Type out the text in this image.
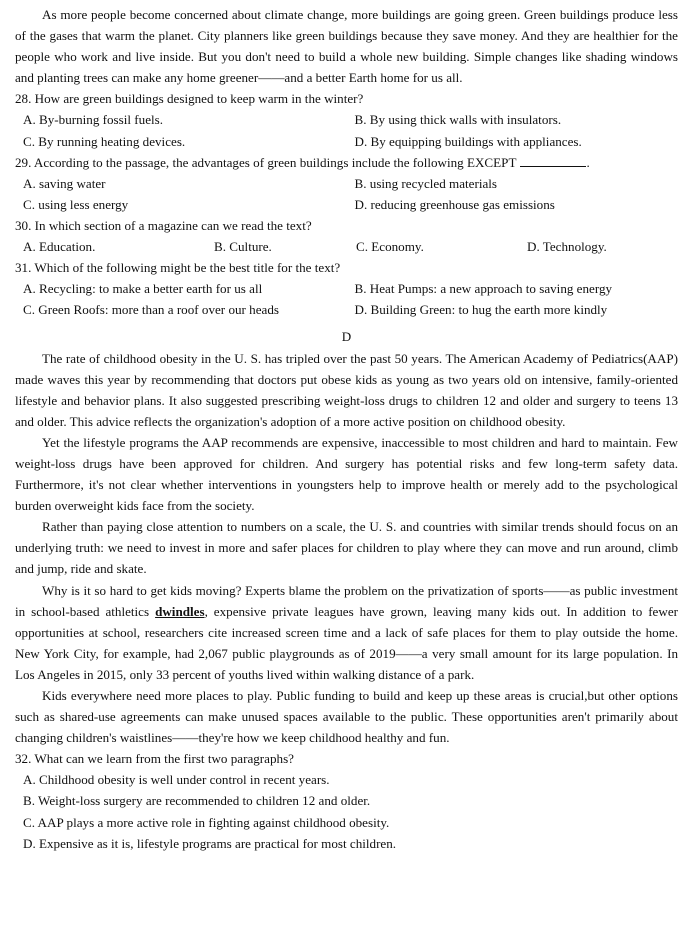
As more people become concerned about climate change, more buildings are going green. Green buildings produce less of the gases that warm the planet. City planners like green buildings because they save money. And they are healthier for the people who work and live inside. But you don't need to build a whole new building. Simple changes like shading windows and planting trees can make any home greener——and a better Earth home for us all.

28. How are green buildings designed to keep warm in the winter?

A. By-burning fossil fuels.	B. By using thick walls with insulators.
C. By running heating devices.	D. By equipping buildings with appliances.

29. According to the passage, the advantages of green buildings include the following EXCEPT	.

A. saving water	B. using recycled materials
C. using less energy	D. reducing greenhouse gas emissions

30. In which section of a magazine can we read the text?

A. Education.	B. Culture.	C. Economy.	D. Technology.

31. Which of the following might be the best title for the text?

A. Recycling: to make a better earth for us all	B. Heat Pumps: a new approach to saving energy
C. Green Roofs: more than a roof over our heads	D. Building Green: to hug the earth more kindly

D

The rate of childhood obesity in the U. S. has tripled over the past 50 years. The American Academy of Pediatrics(AAP) made waves this year by recommending that doctors put obese kids as young as two years old on intensive, family-oriented lifestyle and behavior plans. It also suggested prescribing weight-loss drugs to children 12 and older and surgery to teens 13 and older. This advice reflects the organization's adoption of a more active position on childhood obesity.

Yet the lifestyle programs the AAP recommends are expensive, inaccessible to most children and hard to maintain. Few weight-loss drugs have been approved for children. And surgery has potential risks and few long-term safety data. Furthermore, it's not clear whether interventions in youngsters help to improve health or merely add to the psychological burden overweight kids face from the society.

Rather than paying close attention to numbers on a scale, the U. S. and countries with similar trends should focus on an underlying truth: we need to invest in more and safer places for children to play where they can move and run around, climb and jump, ride and skate.

Why is it so hard to get kids moving? Experts blame the problem on the privatization of sports——as public investment in school-based athletics dwindles, expensive private leagues have grown, leaving many kids out. In addition to fewer opportunities at school, researchers cite increased screen time and a lack of safe places for them to play outside the home. New York City, for example, had 2,067 public playgrounds as of 2019——a very small amount for its large population. In Los Angeles in 2015, only 33 percent of youths lived within walking distance of a park.

Kids everywhere need more places to play. Public funding to build and keep up these areas is crucial,but other options such as shared-use agreements can make unused spaces available to the public. These opportunities aren't primarily about changing children's waistlines——they're how we keep childhood healthy and fun.

32. What can we learn from the first two paragraphs?

A. Childhood obesity is well under control in recent years.
B. Weight-loss surgery are recommended to children 12 and older.
C. AAP plays a more active role in fighting against childhood obesity.
D. Expensive as it is, lifestyle programs are practical for most children.
